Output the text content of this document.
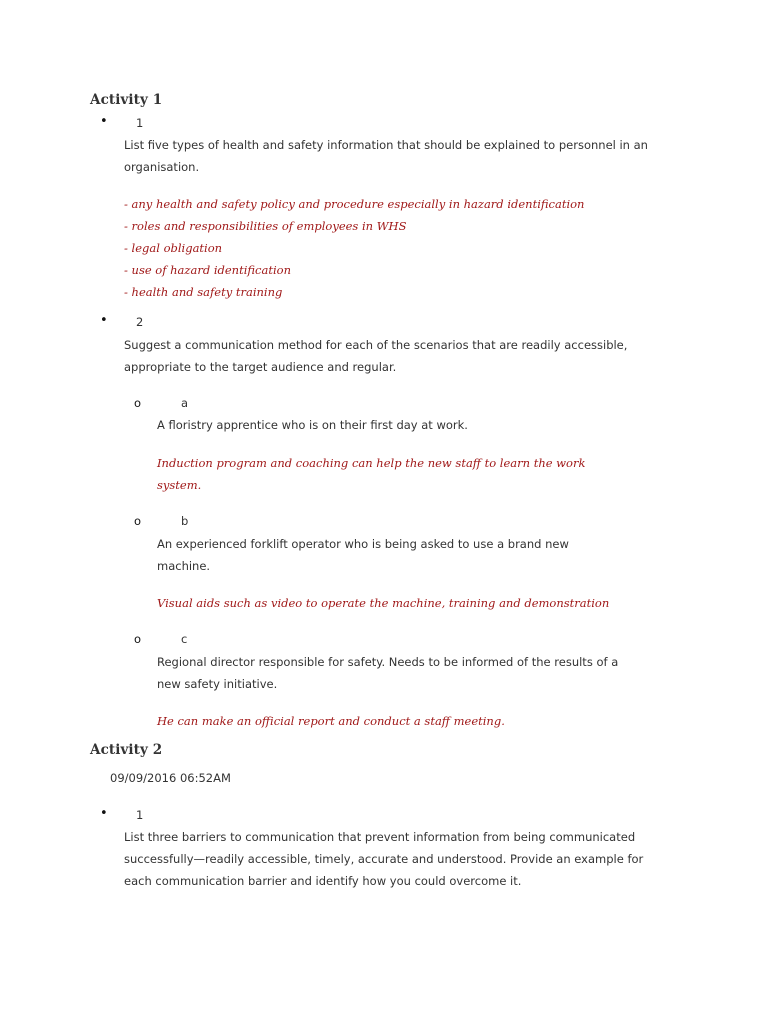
Activity 1
• 1
List five types of health and safety information that should be explained to personnel in an
organisation.
- any health and safety policy and procedure especially in hazard identification
- roles and responsibilities of employees in WHS
- legal obligation
- use of hazard identification
- health and safety training
• 2
Suggest a communication method for each of the scenarios that are readily accessible,
appropriate to the target audience and regular.
o	a
A floristry apprentice who is on their first day at work.
Induction program and coaching can help the new staff to learn the work
system.
o	b
An experienced forklift operator who is being asked to use a brand new
machine.
Visual aids such as video to operate the machine, training and demonstration
o	c
Regional director responsible for safety. Needs to be informed of the results of a
new safety initiative.
He can make an official report and conduct a staff meeting.
Activity 2
09/09/2016 06:52AM
• 1
List three barriers to communication that prevent information from being communicated
successfully—readily accessible, timely, accurate and understood. Provide an example for
each communication barrier and identify how you could overcome it.
